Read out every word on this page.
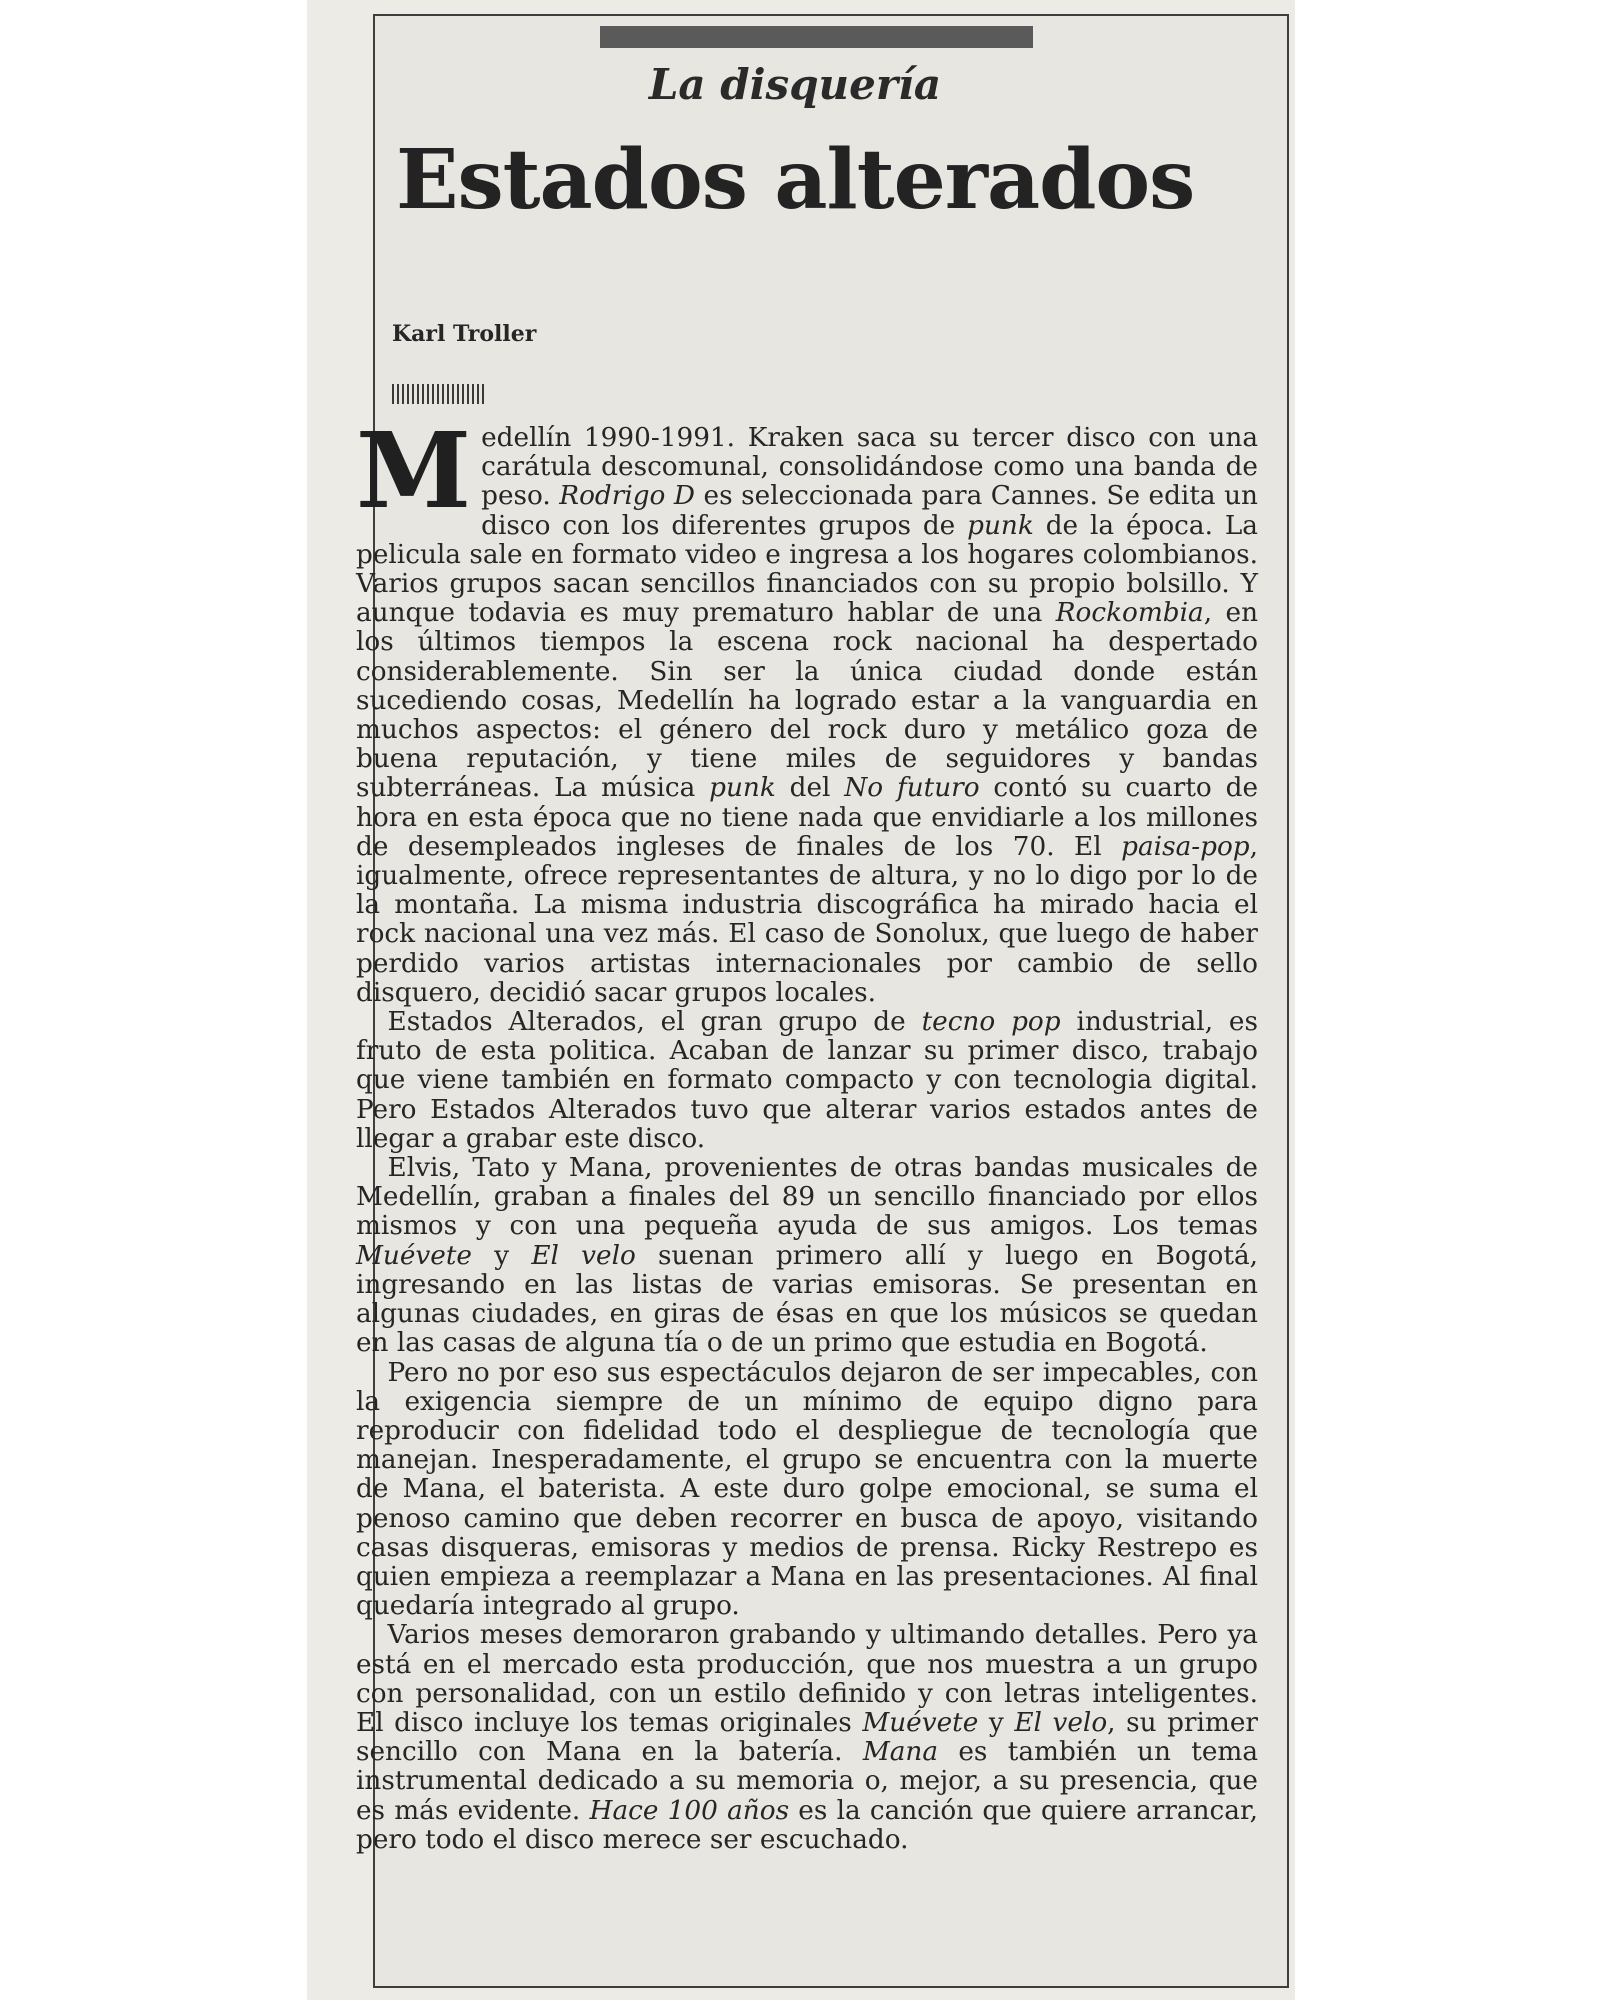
La disquería
Estados alterados
Karl Troller

M edellín 1990-1991. Kraken saca su tercer disco con una carátula descomunal, consolidándose como una banda de peso. Rodrigo D es seleccionada para Cannes. Se edita un disco con los diferentes grupos de punk de la época. La pelicula sale en formato video e ingresa a los hogares colombianos. Varios grupos sacan sencillos financiados con su propio bolsillo. Y aunque todavia es muy prematuro hablar de una Rockombia, en los últimos tiempos la escena rock nacional ha despertado considerablemente. Sin ser la única ciudad donde están sucediendo cosas, Medellín ha logrado estar a la vanguardia en muchos aspectos: el género del rock duro y metálico goza de buena reputación, y tiene miles de seguidores y bandas subterráneas. La música punk del No futuro contó su cuarto de hora en esta época que no tiene nada que envidiarle a los millones de desempleados ingleses de finales de los 70. El paisa-pop, igualmente, ofrece representantes de altura, y no lo digo por lo de la montaña. La misma industria discográfica ha mirado hacia el rock nacional una vez más. El caso de Sonolux, que luego de haber perdido varios artistas internacionales por cambio de sello disquero, decidió sacar grupos locales.

Estados Alterados, el gran grupo de tecno pop industrial, es fruto de esta politica. Acaban de lanzar su primer disco, trabajo que viene también en formato compacto y con tecnologia digital. Pero Estados Alterados tuvo que alterar varios estados antes de llegar a grabar este disco.

Elvis, Tato y Mana, provenientes de otras bandas musicales de Medellín, graban a finales del 89 un sencillo financiado por ellos mismos y con una pequeña ayuda de sus amigos. Los temas Muévete y El velo suenan primero allí y luego en Bogotá, ingresando en las listas de varias emisoras. Se presentan en algunas ciudades, en giras de ésas en que los músicos se quedan en las casas de alguna tía o de un primo que estudia en Bogotá.

Pero no por eso sus espectáculos dejaron de ser impecables, con la exigencia siempre de un mínimo de equipo digno para reproducir con fidelidad todo el despliegue de tecnología que manejan. Inesperadamente, el grupo se encuentra con la muerte de Mana, el baterista. A este duro golpe emocional, se suma el penoso camino que deben recorrer en busca de apoyo, visitando casas disqueras, emisoras y medios de prensa. Ricky Restrepo es quien empieza a reemplazar a Mana en las presentaciones. Al final quedaría integrado al grupo.

Varios meses demoraron grabando y ultimando detalles. Pero ya está en el mercado esta producción, que nos muestra a un grupo con personalidad, con un estilo definido y con letras inteligentes. El disco incluye los temas originales Muévete y El velo, su primer sencillo con Mana en la batería. Mana es también un tema instrumental dedicado a su memoria o, mejor, a su presencia, que es más evidente. Hace 100 años es la canción que quiere arrancar, pero todo el disco merece ser escuchado.
